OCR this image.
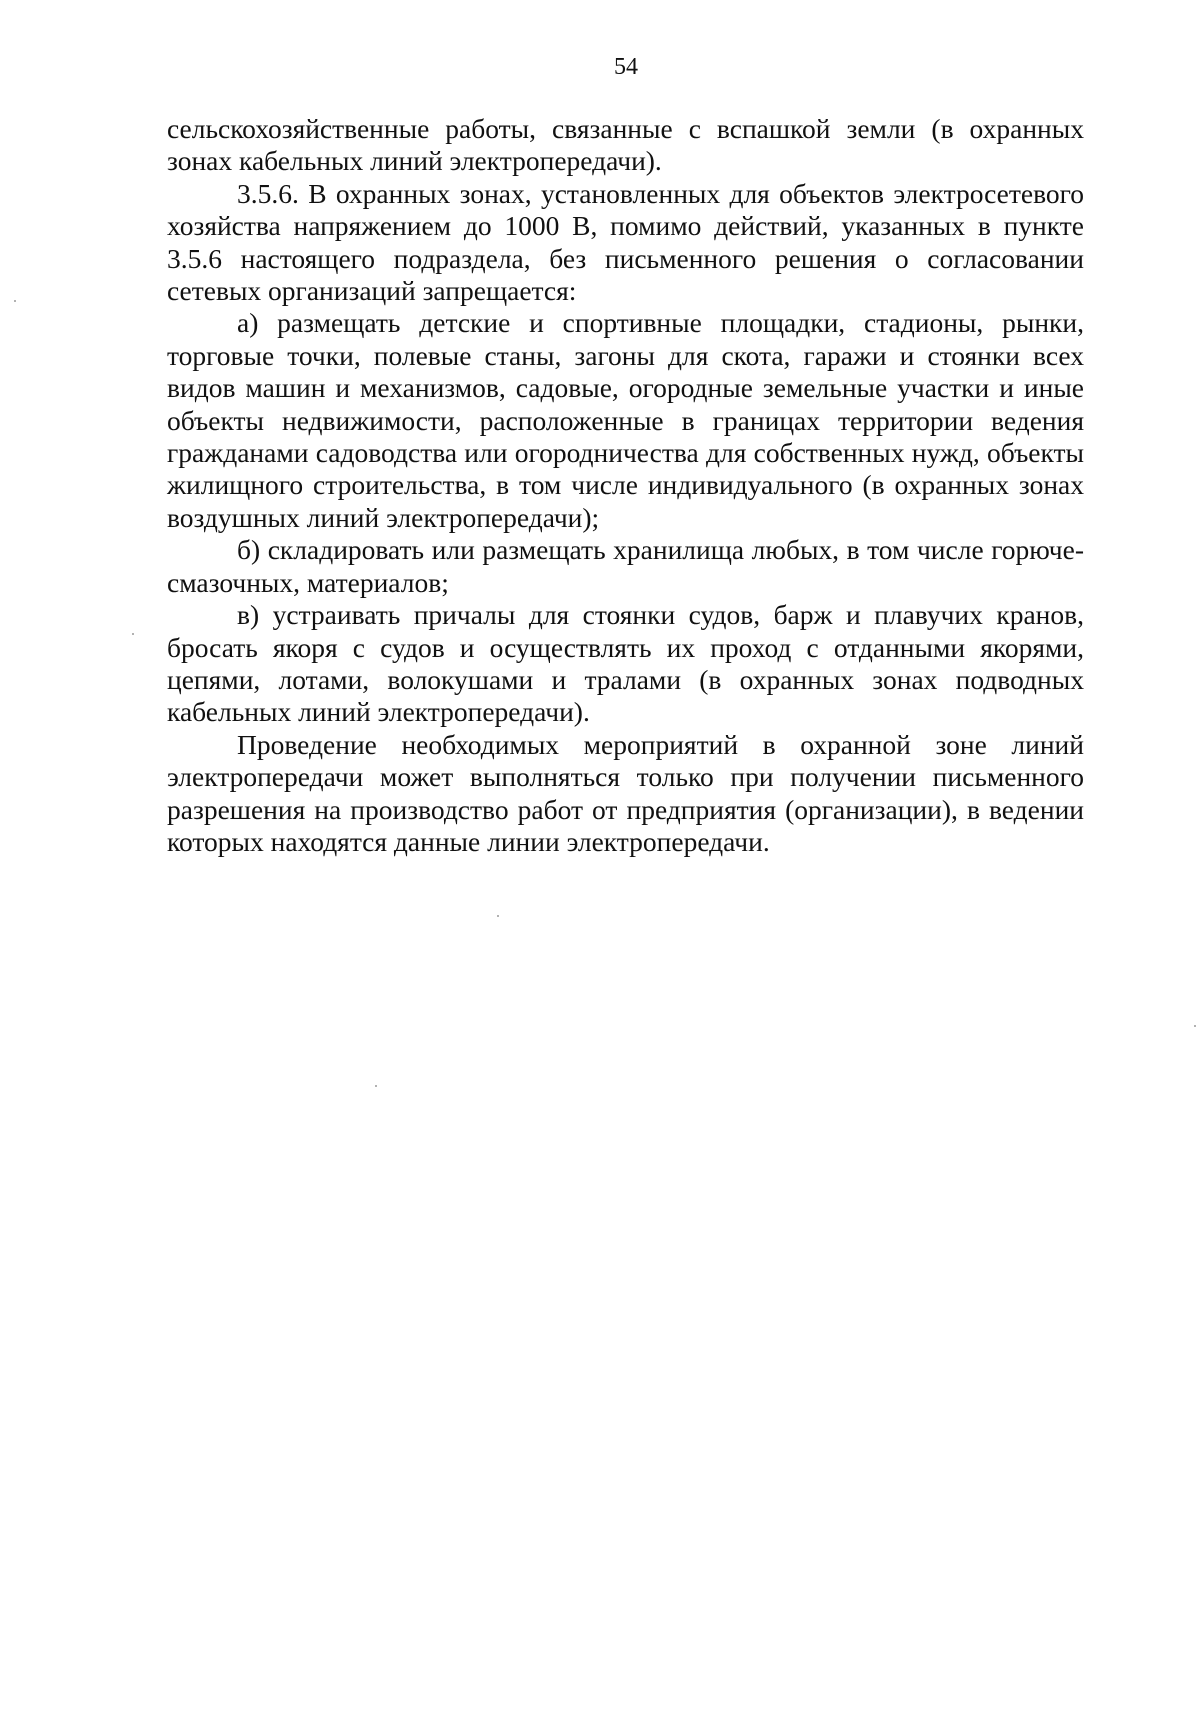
54

сельскохозяйственные работы, связанные с вспашкой земли (в охранных зонах кабельных линий электропередачи).

3.5.6. В охранных зонах, установленных для объектов электросетевого хозяйства напряжением до 1000 В, помимо действий, указанных в пункте 3.5.6 настоящего подраздела, без письменного решения о согласовании сетевых организаций запрещается:

а) размещать детские и спортивные площадки, стадионы, рынки, торговые точки, полевые станы, загоны для скота, гаражи и стоянки всех видов машин и механизмов, садовые, огородные земельные участки и иные объекты недвижимости, расположенные в границах территории ведения гражданами садоводства или огородничества для собственных нужд, объекты жилищного строительства, в том числе индивидуального (в охранных зонах воздушных линий электропередачи);

б) складировать или размещать хранилища любых, в том числе горюче-смазочных, материалов;

в) устраивать причалы для стоянки судов, барж и плавучих кранов, бросать якоря с судов и осуществлять их проход с отданными якорями, цепями, лотами, волокушами и тралами (в охранных зонах подводных кабельных линий электропередачи).

Проведение необходимых мероприятий в охранной зоне линий электропередачи может выполняться только при получении письменного разрешения на производство работ от предприятия (организации), в ведении которых находятся данные линии электропередачи.
